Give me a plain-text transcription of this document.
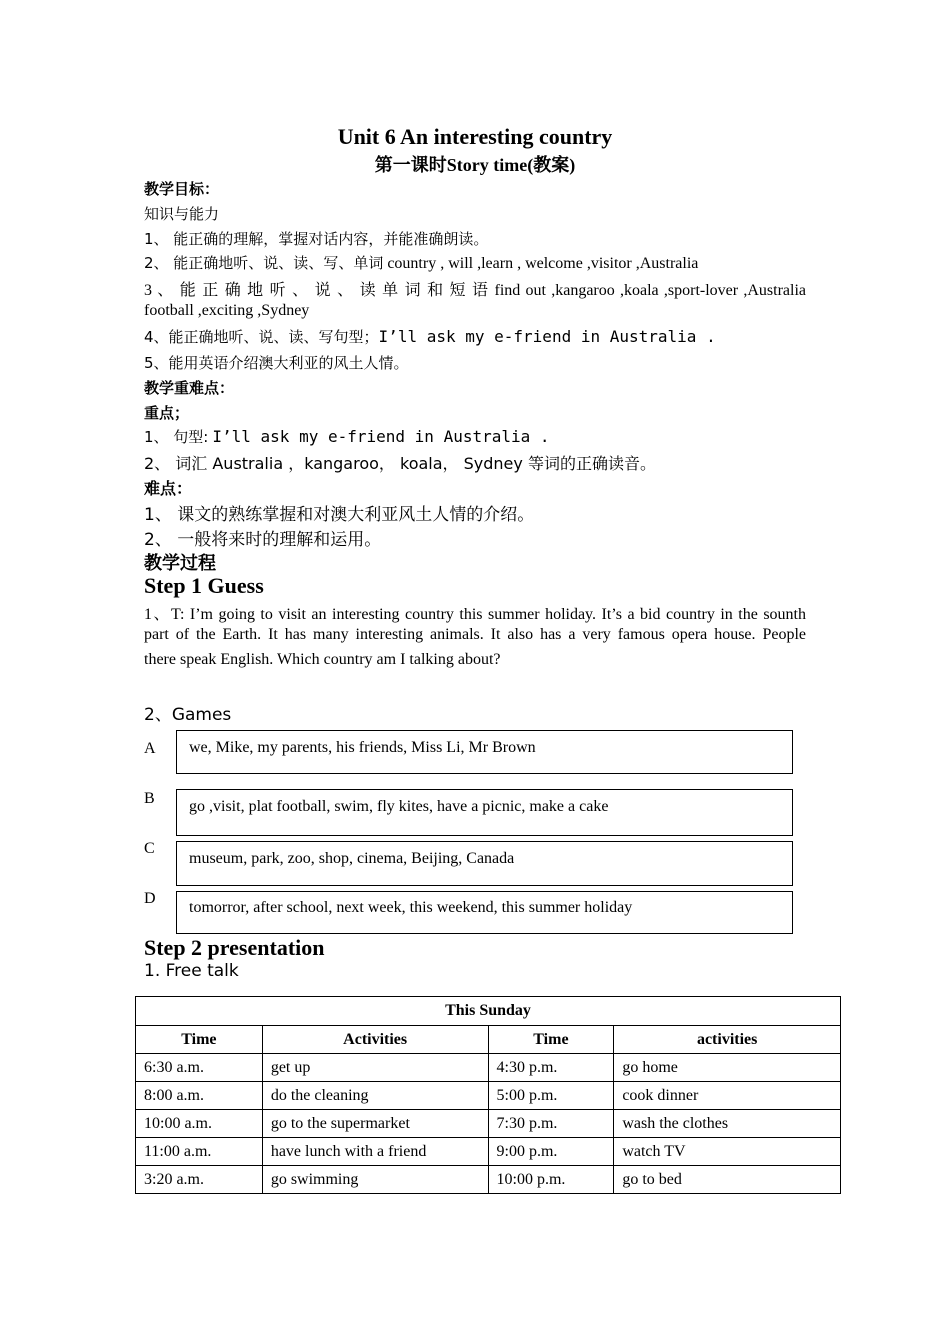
Unit 6 An interesting country
第一课时Story time(教案)
教学目标：
知识与能力
1、 能正确的理解，掌握对话内容，并能准确朗读。
2、 能正确地听、说、读、写、单词 country , will ,learn , welcome ,visitor ,Australia
3 、 能 正 确 地 听 、 说 、 读 单 词 和 短 语 find out ,kangaroo ,koala ,sport-lover ,Australia
football ,exciting ,Sydney
4、能正确地听、说、读、写句型；I’ll ask my e-friend in Australia .
5、能用英语介绍澳大利亚的风土人情。
教学重难点：
重点；
1、 句型: I’ll ask my e-friend in Australia .
2、 词汇 Australia ，kangaroo， koala， Sydney 等词的正确读音。
难点：
1、 课文的熟练掌握和对澳大利亚风土人情的介绍。
2、 一般将来时的理解和运用。
教学过程
Step 1 Guess
1、T: I’m going to visit an interesting country this summer holiday. It’s a bid country in the sounth
part of the Earth. It has many interesting animals. It also has a very famous opera house. People
there speak English. Which country am I talking about?
2、Games
A we, Mike, my parents, his friends, Miss Li, Mr Brown
B go ,visit, plat football, swim, fly kites, have a picnic, make a cake
C
museum, park, zoo, shop, cinema, Beijing, Canada
D
tomorror, after school, next week, this weekend, this summer holiday
Step 2 presentation
1. Free talk
This Sunday			
Time	Activities	Time	activities
6:30 a.m.	get up	4:30 p.m.	go home
8:00 a.m.	do the cleaning	5:00 p.m.	cook dinner
10:00 a.m.	go to the supermarket	7:30 p.m.	wash the clothes
11:00 a.m.	have lunch with a friend	9:00 p.m.	watch TV
3:20 a.m.	go swimming	10:00 p.m.	go to bed
